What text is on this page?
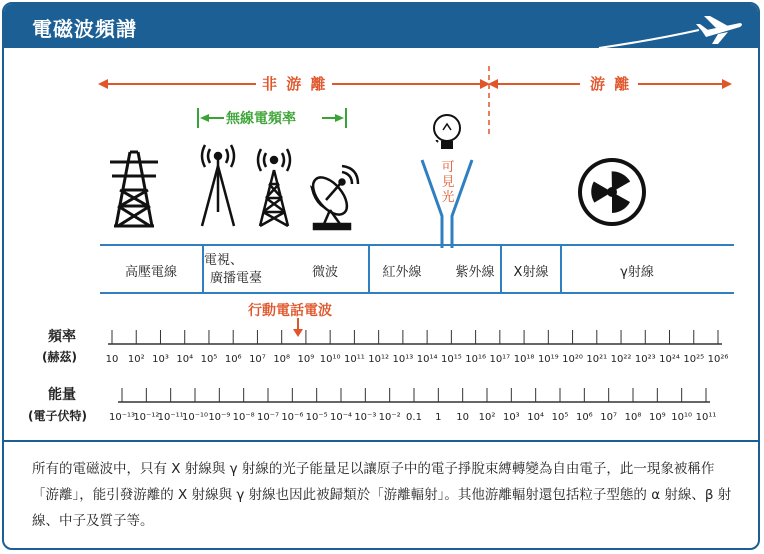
電磁波頻譜
非 游 離	游 離
無線電頻率
可見光
高壓電線
電視、
廣播電臺	微波	紅外線	紫外線	X射線	γ射線
行動電話電波
頻率
(赫茲)
能量
(電子伏特)
10 10² 10³ 10⁴ 10⁵ 10⁶ 10⁷ 10⁸ 10⁹ 10¹⁰ 10¹¹ 10¹² 10¹³ 10¹⁴ 10¹⁵ 10¹⁶ 10¹⁷ 10¹⁸ 10¹⁹ 10²⁰ 10²¹ 10²² 10²³ 10²⁴ 10²⁵ 10²⁶
10⁻¹³
10⁻¹²
10⁻¹¹
10⁻¹⁰ 10⁻⁹ 10⁻⁸ 10⁻⁷ 10⁻⁶ 10⁻⁵ 10⁻⁴ 10⁻³ 10⁻² 0.1 1 10 10² 10³ 10⁴ 10⁵ 10⁶ 10⁷ 10⁸ 10⁹ 10¹⁰ 10¹¹
所有的電磁波中，只有 X 射線與 γ 射線的光子能量足以讓原子中的電子掙脫束縛轉變為自由電子，此一現象被稱作「游離」，能引發游離的 X 射線與 γ 射線也因此被歸類於「游離輻射」。其他游離輻射還包括粒子型態的 α 射線、β 射線、中子及質子等。
